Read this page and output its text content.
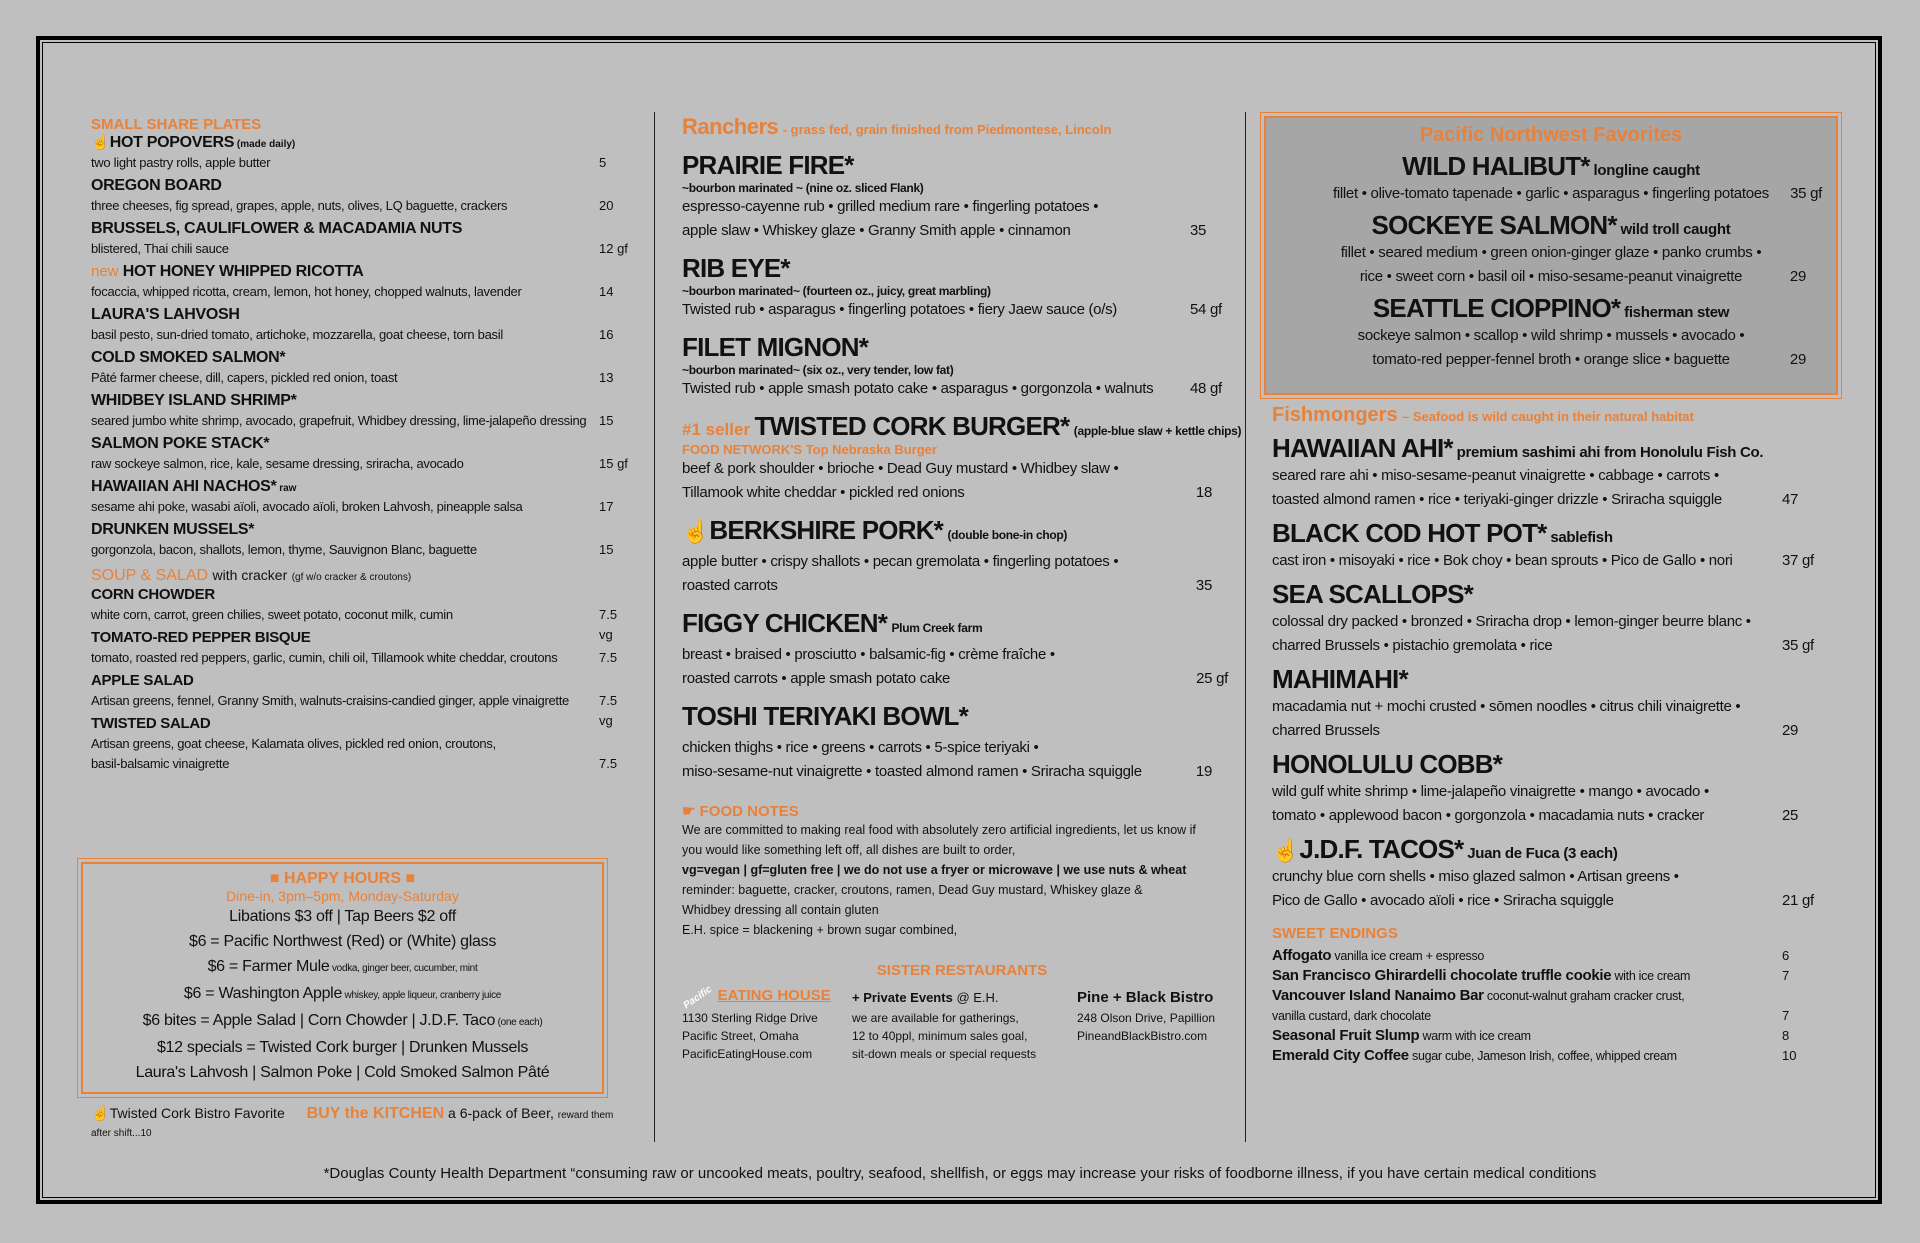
SMALL SHARE PLATES
☝HOT POPOVERS (made daily)
two light pastry rolls, apple butter	5
OREGON BOARD
three cheeses, fig spread, grapes, apple, nuts, olives, LQ baguette, crackers	20
BRUSSELS, CAULIFLOWER & MACADAMIA NUTS
blistered, Thai chili sauce	12 gf
new HOT HONEY WHIPPED RICOTTA
focaccia, whipped ricotta, cream, lemon, hot honey, chopped walnuts, lavender	14
LAURA'S LAHVOSH
basil pesto, sun-dried tomato, artichoke, mozzarella, goat cheese, torn basil	16
COLD SMOKED SALMON*
Pâté farmer cheese, dill, capers, pickled red onion, toast	13
WHIDBEY ISLAND SHRIMP*
seared jumbo white shrimp, avocado, grapefruit, Whidbey dressing, lime-jalapeño dressing 15
SALMON POKE STACK*
raw sockeye salmon, rice, kale, sesame dressing, sriracha, avocado	15 gf
HAWAIIAN AHI NACHOS* raw
sesame ahi poke, wasabi aïoli, avocado aïoli, broken Lahvosh, pineapple salsa	17
DRUNKEN MUSSELS*
gorgonzola, bacon, shallots, lemon, thyme, Sauvignon Blanc, baguette	15
SOUP & SALAD with cracker (gf w/o cracker & croutons)
CORN CHOWDER
white corn, carrot, green chilies, sweet potato, coconut milk, cumin	7.5 vg
TOMATO-RED PEPPER BISQUE
tomato, roasted red peppers, garlic, cumin, chili oil, Tillamook white cheddar, croutons	7.5
APPLE SALAD
Artisan greens, fennel, Granny Smith, walnuts-craisins-candied ginger, apple vinaigrette 7.5 vg
TWISTED SALAD
Artisan greens, goat cheese, Kalamata olives, pickled red onion, croutons,
basil-balsamic vinaigrette	7.5
■ HAPPY HOURS ■
Dine-in, 3pm–5pm, Monday-Saturday
Libations $3 off | Tap Beers $2 off
$6 = Pacific Northwest (Red) or (White) glass
$6 = Farmer Mule vodka, ginger beer, cucumber, mint
$6 = Washington Apple whiskey, apple liqueur, cranberry juice
$6 bites = Apple Salad | Corn Chowder | J.D.F. Taco (one each)
$12 specials = Twisted Cork burger | Drunken Mussels
Laura's Lahvosh | Salmon Poke | Cold Smoked Salmon Pâté
☝Twisted Cork Bistro Favorite BUY the KITCHEN a 6-pack of Beer, reward them after shift...10
Ranchers - grass fed, grain finished from Piedmontese, Lincoln
PRAIRIE FIRE*
~bourbon marinated ~ (nine oz. sliced Flank)
espresso-cayenne rub • grilled medium rare • fingerling potatoes •
apple slaw • Whiskey glaze • Granny Smith apple • cinnamon	35
RIB EYE*
~bourbon marinated~ (fourteen oz., juicy, great marbling)
Twisted rub • asparagus • fingerling potatoes • fiery Jaew sauce (o/s)	54 gf
FILET MIGNON*
~bourbon marinated~ (six oz., very tender, low fat)
Twisted rub • apple smash potato cake • asparagus • gorgonzola • walnuts 48 gf
#1 seller TWISTED CORK BURGER* (apple-blue slaw + kettle chips)
FOOD NETWORK'S Top Nebraska Burger
beef & pork shoulder • brioche • Dead Guy mustard • Whidbey slaw •
Tillamook white cheddar • pickled red onions	18
☝BERKSHIRE PORK* (double bone-in chop)
apple butter • crispy shallots • pecan gremolata • fingerling potatoes •
roasted carrots	35
FIGGY CHICKEN* Plum Creek farm
breast • braised • prosciutto • balsamic-fig • crème fraîche •
roasted carrots • apple smash potato cake	25 gf
TOSHI TERIYAKI BOWL*
chicken thighs • rice • greens • carrots • 5-spice teriyaki •
miso-sesame-nut vinaigrette • toasted almond ramen • Sriracha squiggle	19
☛ FOOD NOTES
We are committed to making real food with absolutely zero artificial ingredients, let us know if
you would like something left off, all dishes are built to order,
vg=vegan | gf=gluten free | we do not use a fryer or microwave | we use nuts & wheat
reminder: baguette, cracker, croutons, ramen, Dead Guy mustard, Whiskey glaze &
Whidbey dressing all contain gluten
E.H. spice = blackening + brown sugar combined,
SISTER RESTAURANTS
Pacific EATING HOUSE
1130 Sterling Ridge Drive
Pacific Street, Omaha
PacificEatingHouse.com
+ Private Events @ E.H.
we are available for gatherings,
12 to 40ppl, minimum sales goal,
sit-down meals or special requests
Pine + Black Bistro
248 Olson Drive, Papillion
PineandBlackBistro.com
Pacific Northwest Favorites
WILD HALIBUT* longline caught
fillet • olive-tomato tapenade • garlic • asparagus • fingerling potatoes 35 gf
SOCKEYE SALMON* wild troll caught
fillet • seared medium • green onion-ginger glaze • panko crumbs •
rice • sweet corn • basil oil • miso-sesame-peanut vinaigrette	29
SEATTLE CIOPPINO* fisherman stew
sockeye salmon • scallop • wild shrimp • mussels • avocado •
tomato-red pepper-fennel broth • orange slice • baguette	29
Fishmongers – Seafood is wild caught in their natural habitat
HAWAIIAN AHI* premium sashimi ahi from Honolulu Fish Co.
seared rare ahi • miso-sesame-peanut vinaigrette • cabbage • carrots •
toasted almond ramen • rice • teriyaki-ginger drizzle • Sriracha squiggle	47
BLACK COD HOT POT* sablefish
cast iron • misoyaki • rice • Bok choy • bean sprouts • Pico de Gallo • nori	37 gf
SEA SCALLOPS*
colossal dry packed • bronzed • Sriracha drop • lemon-ginger beurre blanc •
charred Brussels • pistachio gremolata • rice	35 gf
MAHIMAHI*
macadamia nut + mochi crusted • sōmen noodles • citrus chili vinaigrette •
charred Brussels	29
HONOLULU COBB*
wild gulf white shrimp • lime-jalapeño vinaigrette • mango • avocado •
tomato • applewood bacon • gorgonzola • macadamia nuts • cracker	25
☝J.D.F. TACOS* Juan de Fuca (3 each)
crunchy blue corn shells • miso glazed salmon • Artisan greens •
Pico de Gallo • avocado aïoli • rice • Sriracha squiggle	21 gf
SWEET ENDINGS
Affogato vanilla ice cream + espresso	6
San Francisco Ghirardelli chocolate truffle cookie with ice cream	7
Vancouver Island Nanaimo Bar coconut-walnut graham cracker crust,
vanilla custard, dark chocolate	7
Seasonal Fruit Slump warm with ice cream	8
Emerald City Coffee sugar cube, Jameson Irish, coffee, whipped cream	10
*Douglas County Health Department “consuming raw or uncooked meats, poultry, seafood, shellfish, or eggs may increase your risks of foodborne illness, if you have certain medical conditions
